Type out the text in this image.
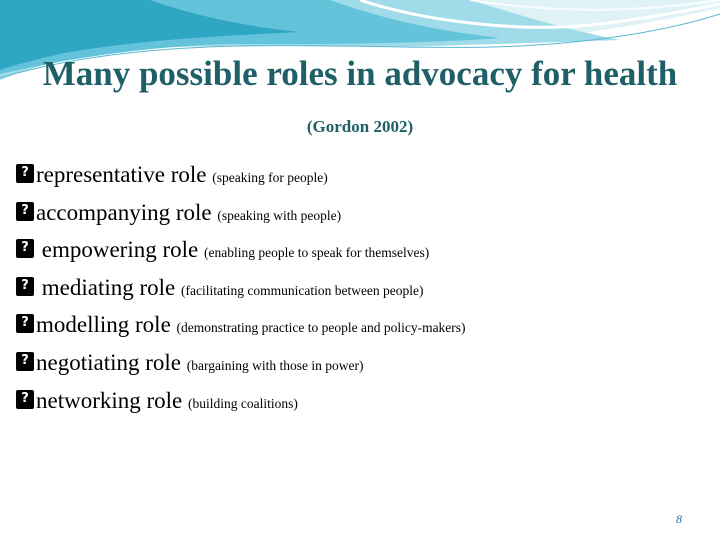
Many possible roles in advocacy for health (Gordon 2002)
?representative role (speaking for people)
?accompanying role (speaking with people)
? empowering role (enabling people to speak for themselves)
? mediating role (facilitating communication between people)
?modelling role (demonstrating practice to people and policy-makers)
?negotiating role (bargaining with those in power)
?networking role (building coalitions)
8
